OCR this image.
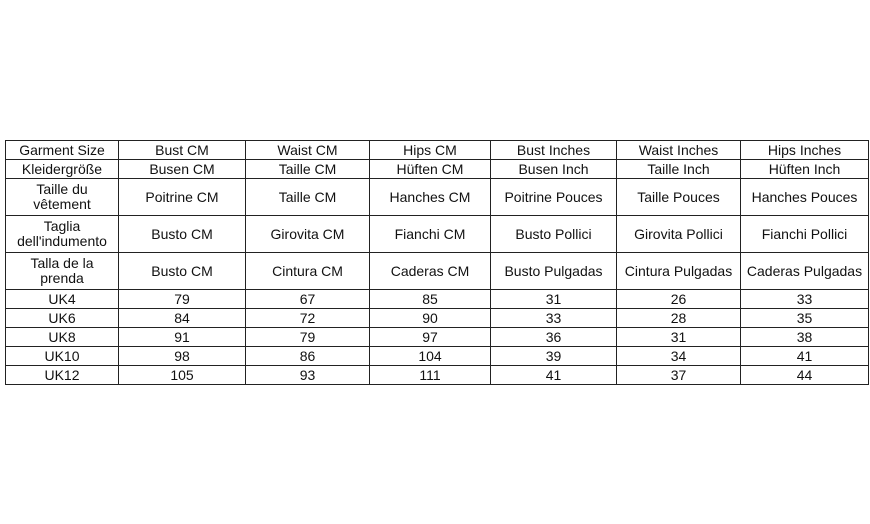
Garment Size	Bust CM	Waist CM	Hips CM	Bust Inches	Waist Inches	Hips Inches
Kleidergröße	Busen CM	Taille CM	Hüften CM	Busen Inch	Taille Inch	Hüften Inch
Taille du vêtement	Poitrine CM	Taille CM	Hanches CM	Poitrine Pouces	Taille Pouces	Hanches Pouces
Taglia dell'indumento	Busto CM	Girovita CM	Fianchi CM	Busto Pollici	Girovita Pollici	Fianchi Pollici
Talla de la prenda	Busto CM	Cintura CM	Caderas CM	Busto Pulgadas	Cintura Pulgadas	Caderas Pulgadas
UK4	79	67	85	31	26	33
UK6	84	72	90	33	28	35
UK8	91	79	97	36	31	38
UK10	98	86	104	39	34	41
UK12	105	93	111	41	37	44
